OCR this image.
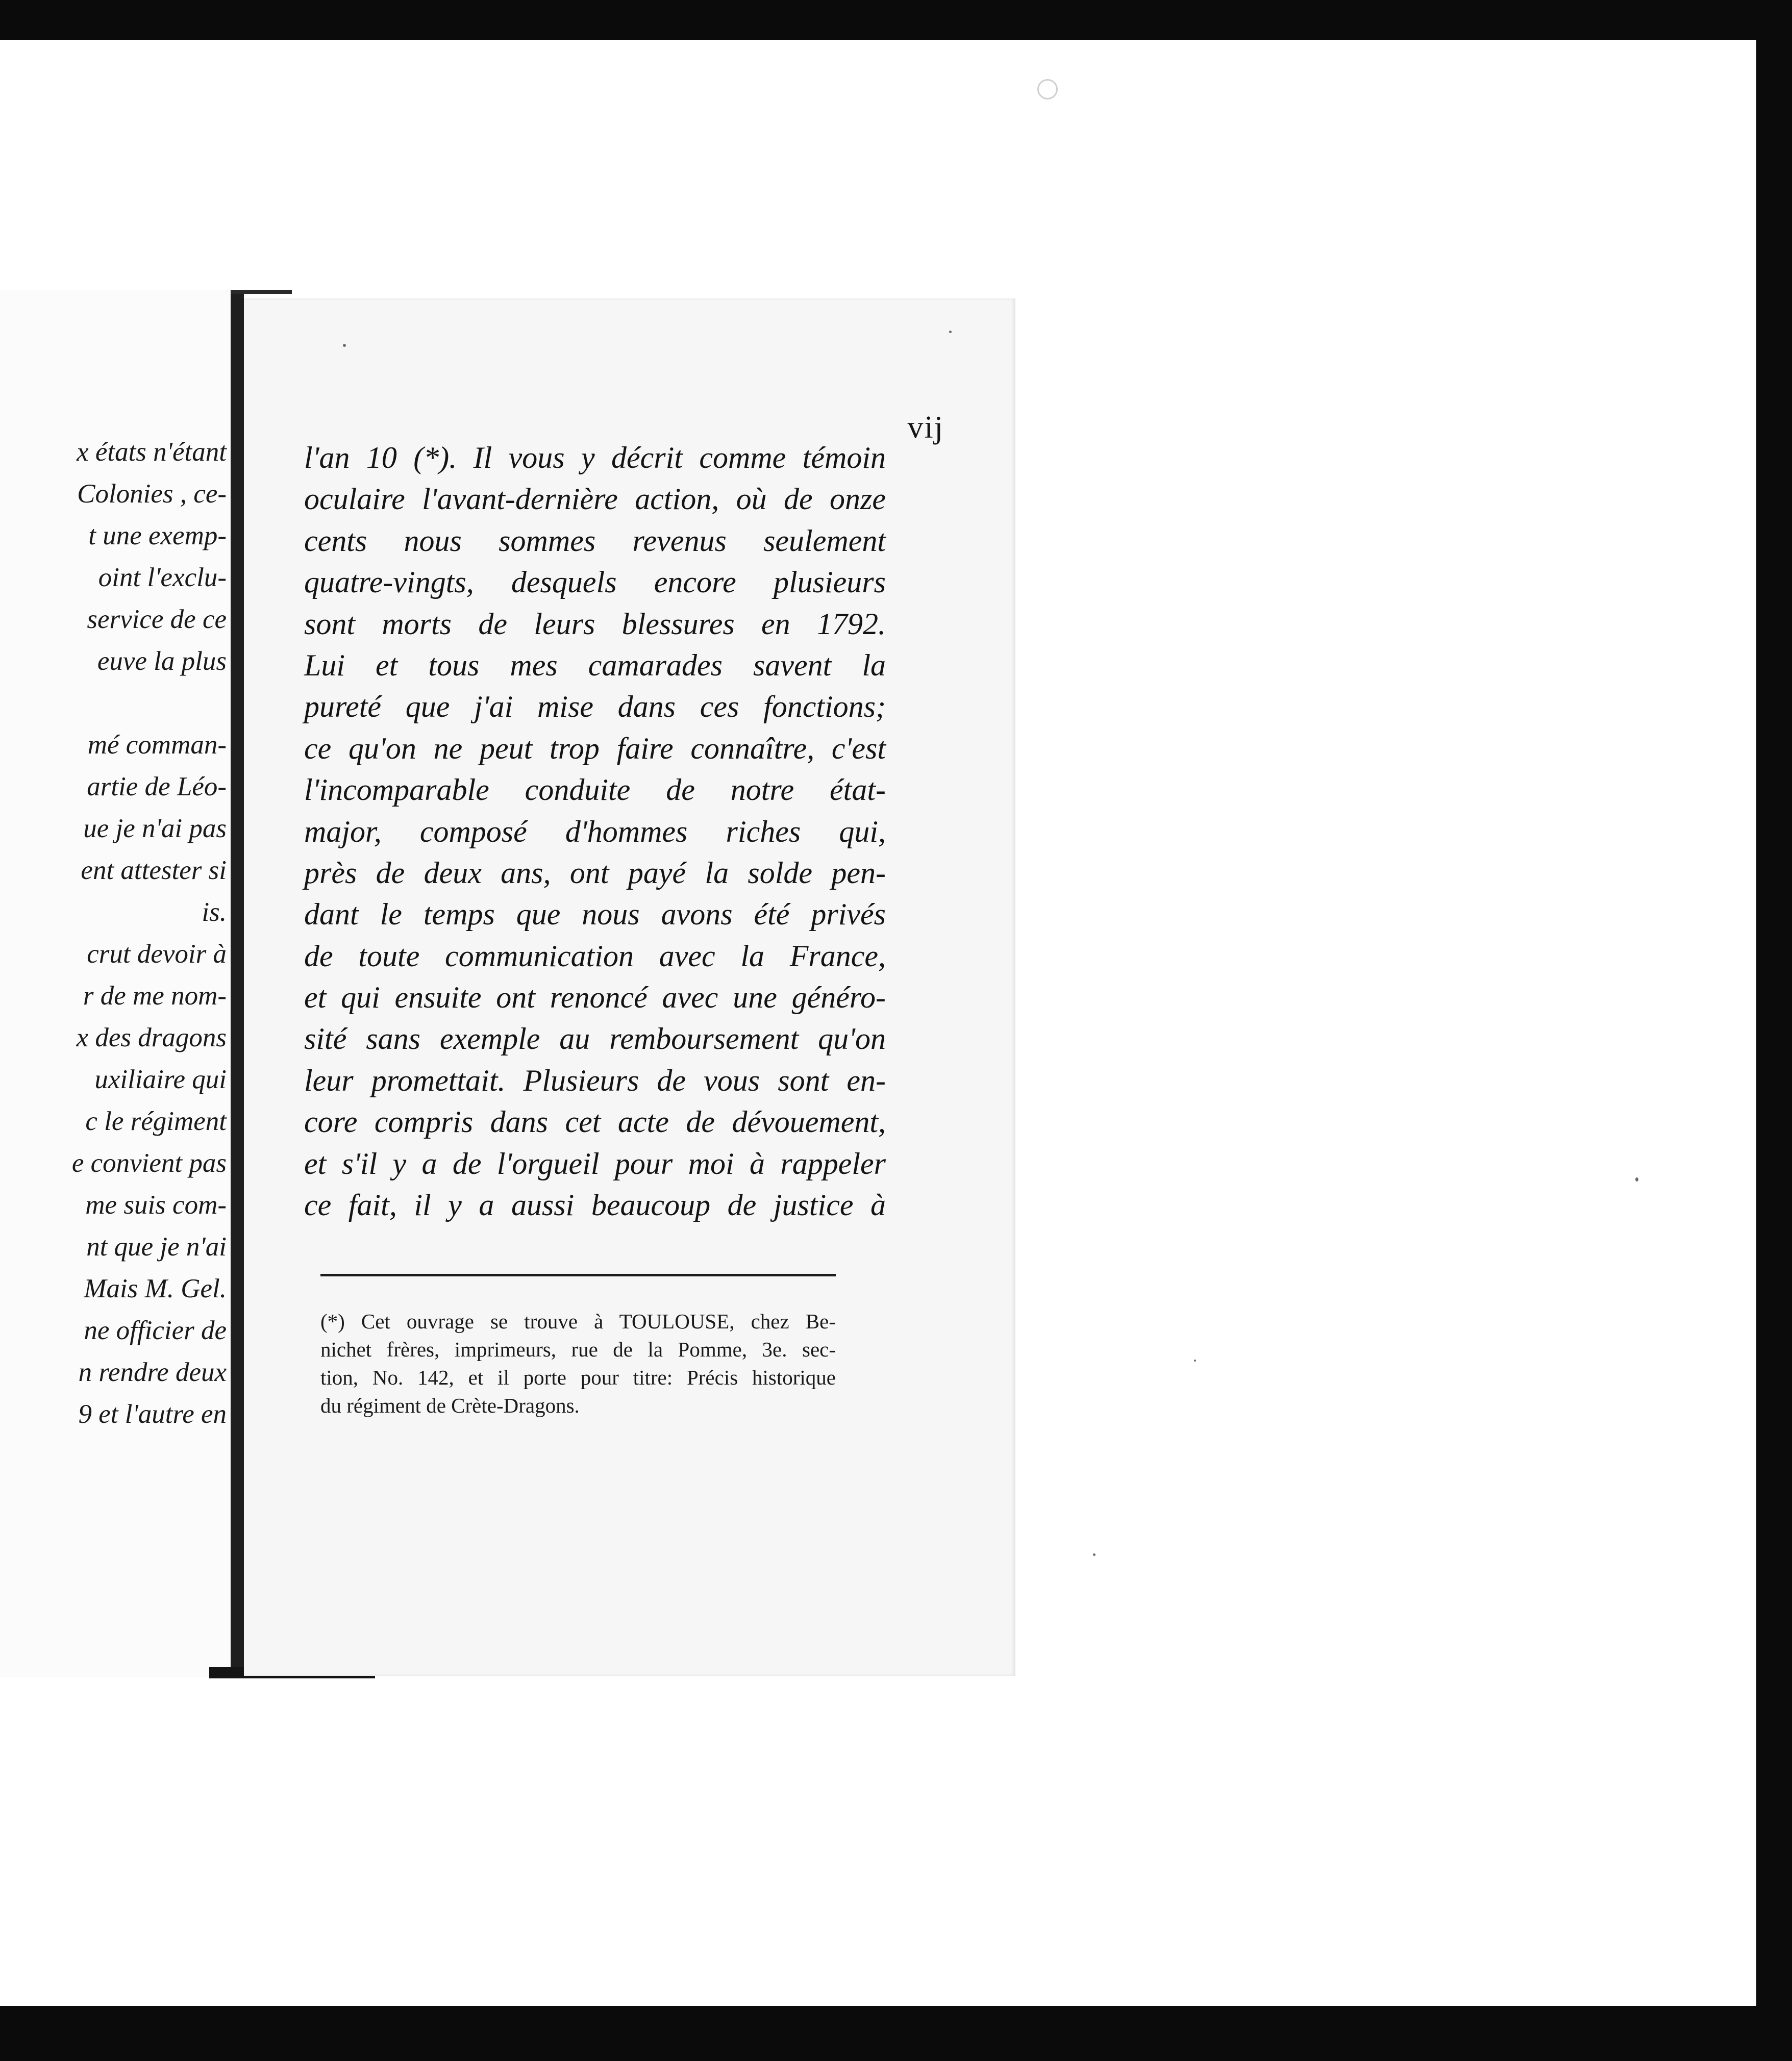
x états n'étant
Colonies , ce-
t une exemp-
oint l'exclu-
service de ce
euve la plus
mé comman-
artie de Léo-
ue je n'ai pas
ent attester si
is.
crut devoir à
r de me nom-
x des dragons
uxiliaire qui
c le régiment
e convient pas
me suis com-
nt que je n'ai
Mais M. Gel.
ne officier de
n rendre deux
9 et l'autre en
vij
l'an 10 (*). Il vous y décrit comme témoin
oculaire l'avant-dernière action, où de onze
cents nous sommes revenus seulement
quatre-vingts, desquels encore plusieurs
sont morts de leurs blessures en 1792.
Lui et tous mes camarades savent la
pureté que j'ai mise dans ces fonctions;
ce qu'on ne peut trop faire connaître, c'est
l'incomparable conduite de notre état-
major, composé d'hommes riches qui,
près de deux ans, ont payé la solde pen-
dant le temps que nous avons été privés
de toute communication avec la France,
et qui ensuite ont renoncé avec une généro-
sité sans exemple au remboursement qu'on
leur promettait. Plusieurs de vous sont en-
core compris dans cet acte de dévouement,
et s'il y a de l'orgueil pour moi à rappeler
ce fait, il y a aussi beaucoup de justice à
(*) Cet ouvrage se trouve à TOULOUSE, chez Be-
nichet frères, imprimeurs, rue de la Pomme, 3e. sec-
tion, No. 142, et il porte pour titre: Précis historique
du régiment de Crète-Dragons.
